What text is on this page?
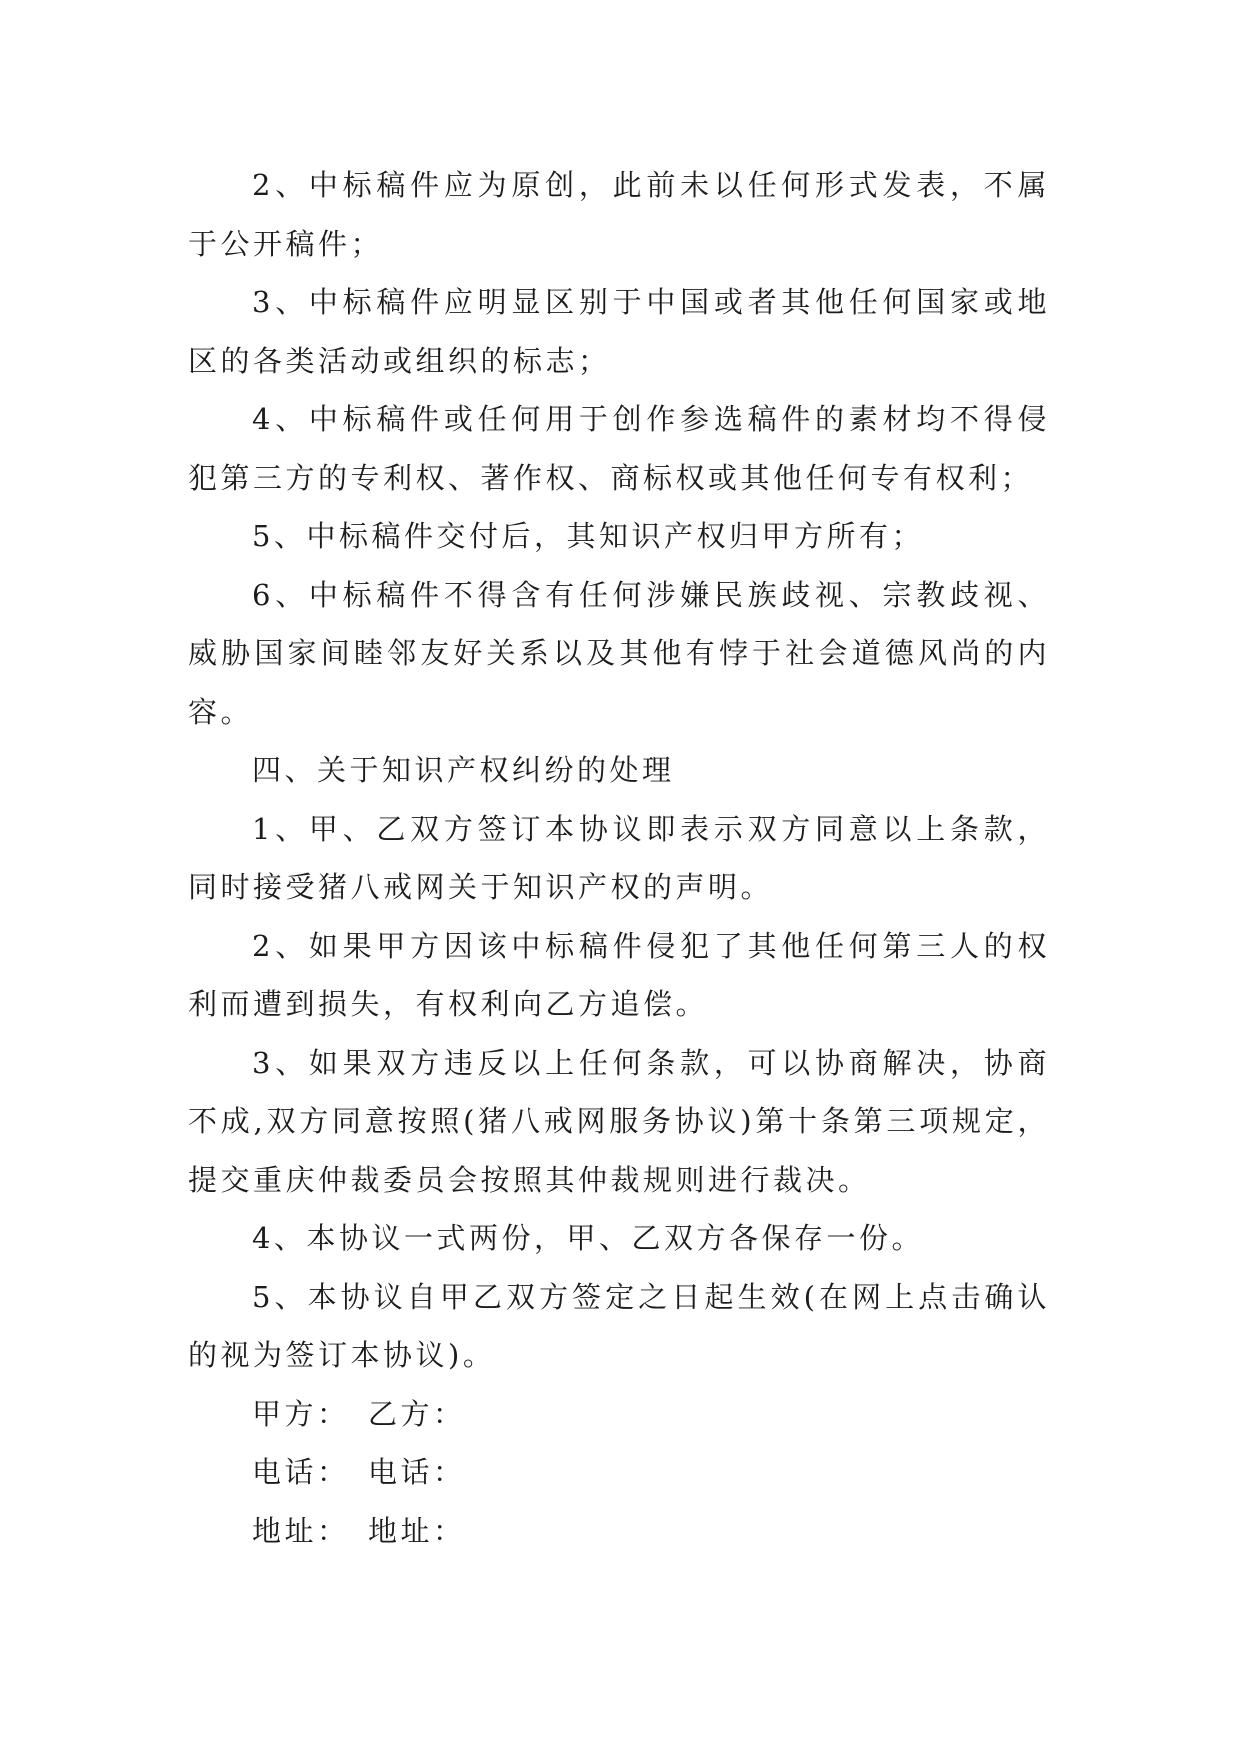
2、中标稿件应为原创，此前未以任何形式发表，不属于公开稿件；

3、中标稿件应明显区别于中国或者其他任何国家或地区的各类活动或组织的标志；

4、中标稿件或任何用于创作参选稿件的素材均不得侵犯第三方的专利权、著作权、商标权或其他任何专有权利；

5、中标稿件交付后，其知识产权归甲方所有；

6、中标稿件不得含有任何涉嫌民族歧视、宗教歧视、威胁国家间睦邻友好关系以及其他有悖于社会道德风尚的内容。

四、关于知识产权纠纷的处理

1、甲、乙双方签订本协议即表示双方同意以上条款，同时接受猪八戒网关于知识产权的声明。

2、如果甲方因该中标稿件侵犯了其他任何第三人的权利而遭到损失，有权利向乙方追偿。

3、如果双方违反以上任何条款，可以协商解决，协商不成,双方同意按照(猪八戒网服务协议)第十条第三项规定，提交重庆仲裁委员会按照其仲裁规则进行裁决。

4、本协议一式两份，甲、乙双方各保存一份。

5、本协议自甲乙双方签定之日起生效(在网上点击确认的视为签订本协议)。

甲方： 乙方：
电话： 电话：
地址： 地址：
